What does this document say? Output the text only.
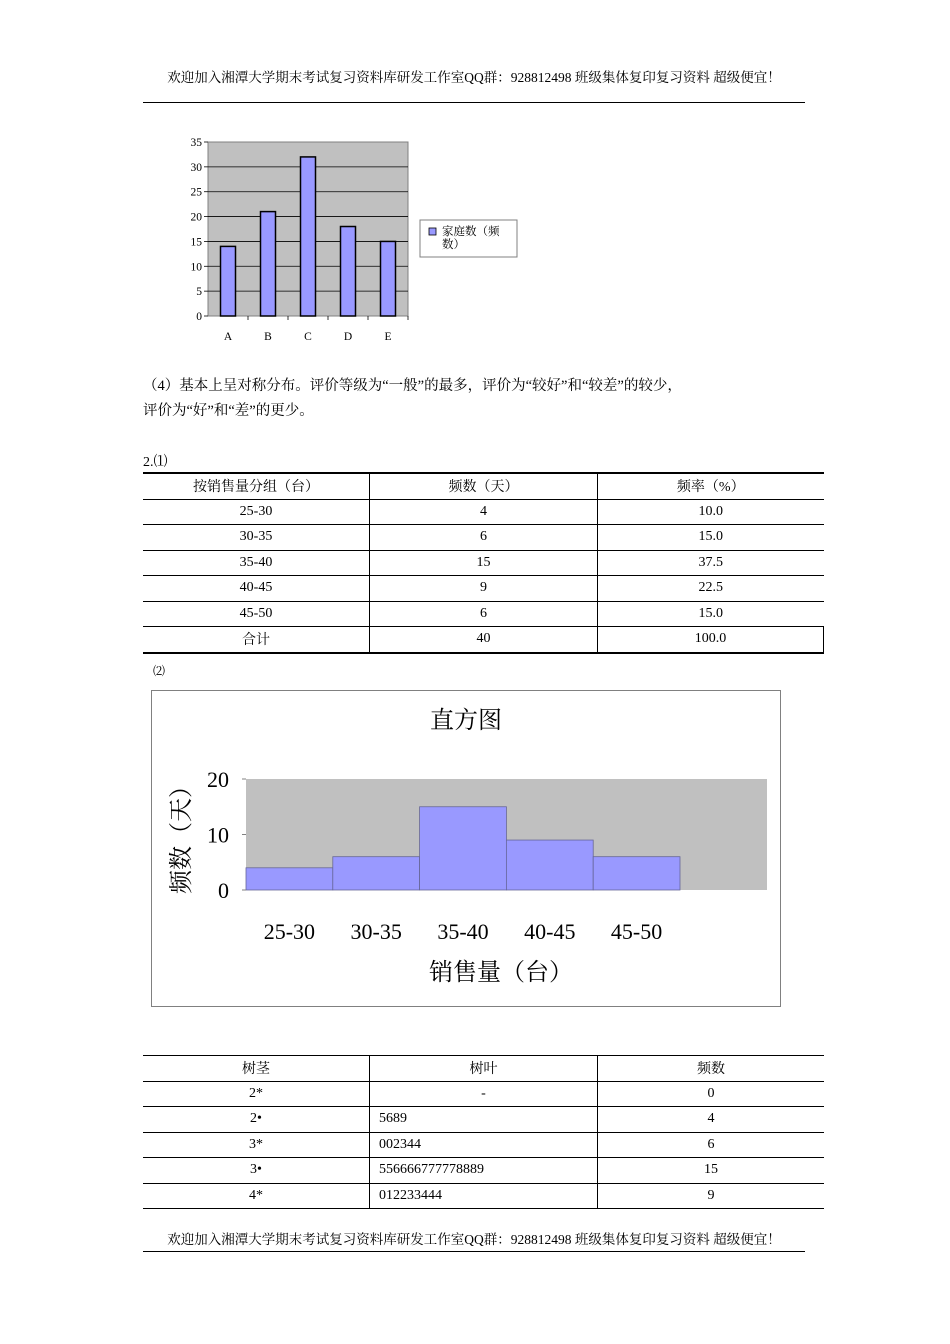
欢迎加入湘潭大学期末考试复习资料库研发工作室QQ群：928812498 班级集体复印复习资料 超级便宜！
0
5
10
15
20
25
30
35
A	B	C	D	E
家庭数（频
数）
（4）基本上呈对称分布。评价等级为“一般”的最多，评价为“较好”和“较差”的较少，
评价为“好”和“差”的更少。
2.⑴
按销售量分组（台）	频数（天）	频率（%）
25-30	4	10.0
30-35	6	15.0
35-40	15	37.5
40-45	9	22.5
45-50	6	15.0
合计	40	100.0
⑵
0
10
20
25-30 30-35 35-40 40-45 45-50
直方图
销售量（台）
频数（天）
树茎	树叶	频数
2*	-	0
2•	5689	4
3*	002344	6
3•	556666777778889	15
4*	012233444	9
欢迎加入湘潭大学期末考试复习资料库研发工作室QQ群：928812498 班级集体复印复习资料 超级便宜！
